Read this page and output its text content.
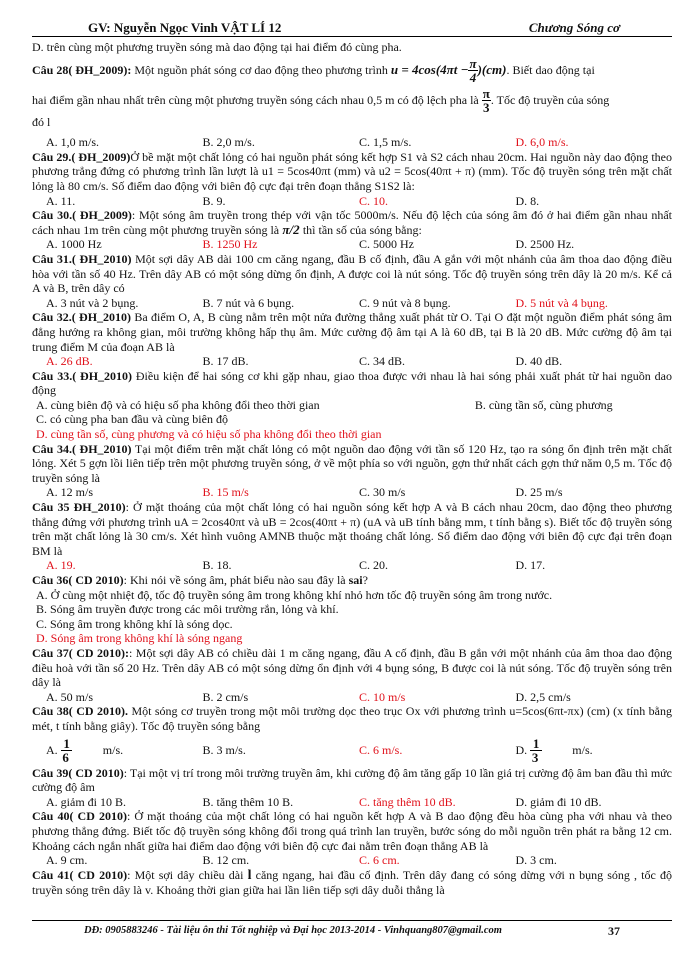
GV: Nguyễn Ngọc Vinh VẬT LÍ 12	Chương Sóng cơ

D. trên cùng một phương truyền sóng mà dao động tại hai điểm đó cùng pha.

Câu 28( ĐH_2009): Một nguồn phát sóng cơ dao động theo phương trình $u = 4\cos(4\pi t - \frac{\pi}{4} )(cm)$. Biết dao động tại

hai điểm gần nhau nhất trên cùng một phương truyền sóng cách nhau 0,5 m có độ lệch pha là $\frac{\pi}{3}$ . Tốc độ truyền của sóng

đó l

A. 1,0 m/s.	B. 2,0 m/s.	C. 1,5 m/s.	D. 6,0 m/s.

Câu 29.( ĐH_2009)Ở bề mặt một chất lỏng có hai nguồn phát sóng kết hợp S1 và S2 cách nhau 20cm. Hai nguồn này dao động theo phương trẳng đứng có phương trình lần lượt là u1 = 5cos40πt (mm) và u2 = 5cos(40πt + π) (mm). Tốc độ truyền sóng trên mặt chất lỏng là 80 cm/s. Số điểm dao động với biên độ cực đại trên đoạn thẳng S1S2 là:

A. 11.	B. 9.	C. 10.	D. 8.

Câu 30.( ĐH_2009): Một sóng âm truyền trong thép với vận tốc 5000m/s. Nếu độ lệch của sóng âm đó ở hai điểm gần nhau nhất cách nhau 1m trên cùng một phương truyền sóng là π/2 thì tần số của sóng bằng:

A. 1000 Hz	B. 1250 Hz	C. 5000 Hz	D. 2500 Hz.

Câu 31.( ĐH_2010) Một sợi dây AB dài 100 cm căng ngang, đầu B cố định, đầu A gắn với một nhánh của âm thoa dao động điều hòa với tần số 40 Hz. Trên dây AB có một sóng dừng ổn định, A được coi là nút sóng. Tốc độ truyền sóng trên dây là 20 m/s. Kể cả A và B, trên dây có

A. 3 nút và 2 bụng.	B. 7 nút và 6 bụng.	C. 9 nút và 8 bụng.	D. 5 nút và 4 bụng.

Câu 32.( ĐH_2010) Ba điểm O, A, B cùng nằm trên một nửa đường thẳng xuất phát từ O. Tại O đặt một nguồn điểm phát sóng âm đẳng hướng ra không gian, môi trường không hấp thụ âm. Mức cường độ âm tại A là 60 dB, tại B là 20 dB. Mức cường độ âm tại trung điểm M của đoạn AB là

A. 26 dB.	B. 17 dB.	C. 34 dB.	D. 40 dB.

Câu 33.( ĐH_2010) Điều kiện để hai sóng cơ khi gặp nhau, giao thoa được với nhau là hai sóng phải xuất phát từ hai nguồn dao động

A. cùng biên độ và có hiệu số pha không đổi theo thời gian	B. cùng tần số, cùng phương

C. có cùng pha ban đầu và cùng biên độ

D. cùng tần số, cùng phương và có hiệu số pha không đổi theo thời gian

Câu 34.( ĐH_2010) Tại một điểm trên mặt chất lỏng có một nguồn dao động với tần số 120 Hz, tạo ra sóng ổn định trên mặt chất lỏng. Xét 5 gợn lồi liên tiếp trên một phương truyền sóng, ở về một phía so với nguồn, gợn thứ nhất cách gợn thứ năm 0,5 m. Tốc độ truyền sóng là

A. 12 m/s	B. 15 m/s	C. 30 m/s	D. 25 m/s

Câu 35 ĐH_2010): Ở mặt thoáng của một chất lỏng có hai nguồn sóng kết hợp A và B cách nhau 20cm, dao động theo phương thẳng đứng với phương trình uA = 2cos40πt và uB = 2cos(40πt + π) (uA và uB tính bằng mm, t tính bằng s). Biết tốc độ truyền sóng trên mặt chất lỏng là 30 cm/s. Xét hình vuông AMNB thuộc mặt thoáng chất lỏng. Số điểm dao động với biên độ cực đại trên đoạn BM là

A. 19.	B. 18.	C. 20.	D. 17.

Câu 36( CD 2010): Khi nói về sóng âm, phát biểu nào sau đây là sai?

A. Ở cùng một nhiệt độ, tốc độ truyền sóng âm trong không khí nhỏ hơn tốc độ truyền sóng âm trong nước.

B. Sóng âm truyền được trong các môi trường rắn, lỏng và khí.

C. Sóng âm trong không khí là sóng dọc.

D. Sóng âm trong không khí là sóng ngang

Câu 37( CD 2010):: Một sợi dây AB có chiều dài 1 m căng ngang, đầu A cố định, đầu B gắn với một nhánh của âm thoa dao động điều hoà với tần số 20 Hz. Trên dây AB có một sóng dừng ổn định với 4 bụng sóng, B được coi là nút sóng. Tốc độ truyền sóng trên dây là

A. 50 m/s	B. 2 cm/s	C. 10 m/s	D. 2,5 cm/s

Câu 38( CD 2010). Một sóng cơ truyền trong một môi trường dọc theo trục Ox với phương trình u=5cos(6πt-πx) (cm) (x tính bằng mét, t tính bằng giây). Tốc độ truyền sóng bằng

A. $\frac{1}{6} m/s$.	B. 3 m/s.	C. 6 m/s.	D. $\frac{1}{3} m/s$.

Câu 39( CD 2010): Tại một vị trí trong môi trường truyền âm, khi cường độ âm tăng gấp 10 lần giá trị cường độ âm ban đầu thì mức cường độ âm

A. giảm đi 10 B.	B. tăng thêm 10 B.	C. tăng thêm 10 dB.	D. giảm đi 10 dB.

Câu 40( CD 2010): Ở mặt thoáng của một chất lỏng có hai nguồn kết hợp A và B dao động đều hòa cùng pha với nhau và theo phương thẳng đứng. Biết tốc độ truyền sóng không đổi trong quá trình lan truyền, bước sóng do mỗi nguồn trên phát ra bằng 12 cm. Khoảng cách ngắn nhất giữa hai điểm dao động với biên độ cực đai nằm trên đoạn thẳng AB là

A. 9 cm.	B. 12 cm.	C. 6 cm.	D. 3 cm.

Câu 41( CD 2010): Một sợi dây chiều dài l căng ngang, hai đầu cố định. Trên dây đang có sóng dừng với n bụng sóng , tốc độ truyền sóng trên dây là v. Khoảng thời gian giữa hai lần liên tiếp sợi dây duỗi thẳng là

DĐ: 0905883246 - Tài liệu ôn thi Tốt nghiệp và Đại học 2013-2014 - Vinhquang807@gmail.com	37
